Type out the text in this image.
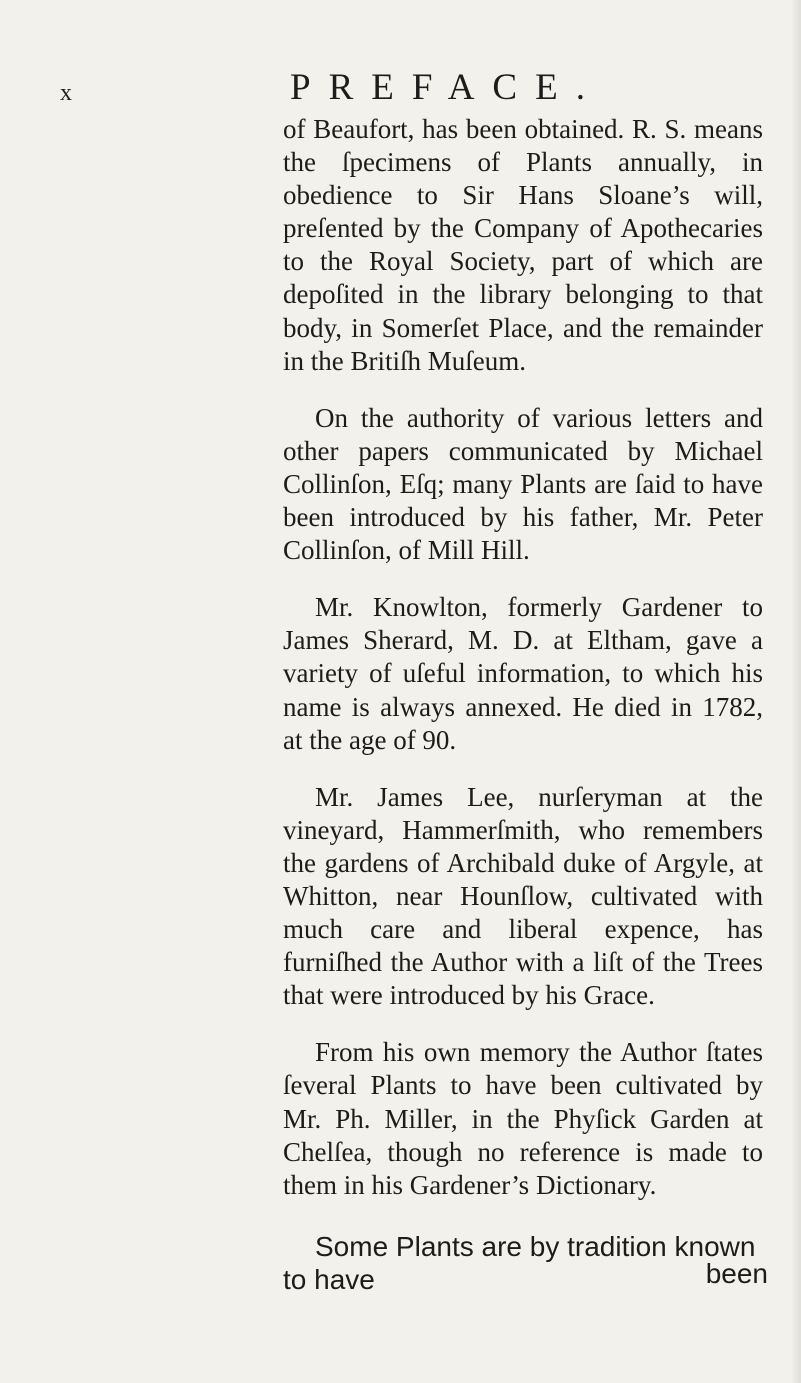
x	PREFACE.

of Beaufort, has been obtained. R. S. means the ſpecimens of Plants annually, in obedience to Sir Hans Sloane’s will, preſented by the Company of Apothecaries to the Royal Society, part of which are depoſited in the library belonging to that body, in Somerſet Place, and the remainder in the Britiſh Muſeum.

On the authority of various letters and other papers communicated by Michael Collinſon, Eſq; many Plants are ſaid to have been introduced by his father, Mr. Peter Collinſon, of Mill Hill.

Mr. Knowlton, formerly Gardener to James Sherard, M. D. at Eltham, gave a variety of uſeful information, to which his name is always annexed. He died in 1782, at the age of 90.

Mr. James Lee, nurſeryman at the vineyard, Hammerſmith, who remembers the gardens of Archibald duke of Argyle, at Whitton, near Hounſlow, cultivated with much care and liberal expence, has furniſhed the Author with a liſt of the Trees that were introduced by his Grace.

From his own memory the Author ſtates ſeveral Plants to have been cultivated by Mr. Ph. Miller, in the Phyſick Garden at Chelſea, though no reference is made to them in his Gardener’s Dictionary.

Some Plants are by tradition known to have	been
